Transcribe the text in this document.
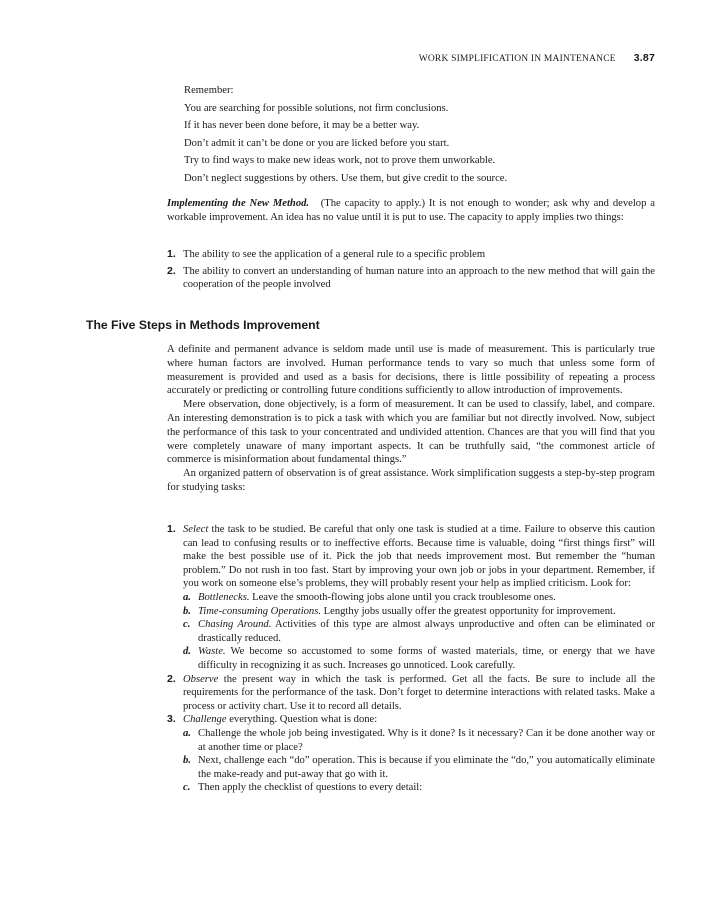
WORK SIMPLIFICATION IN MAINTENANCE 3.87
Remember:
You are searching for possible solutions, not firm conclusions.
If it has never been done before, it may be a better way.
Don’t admit it can’t be done or you are licked before you start.
Try to find ways to make new ideas work, not to prove them unworkable.
Don’t neglect suggestions by others. Use them, but give credit to the source.

Implementing the New Method.   (The capacity to apply.) It is not enough to wonder; ask why and develop a workable improvement. An idea has no value until it is put to use. The capacity to apply implies two things:

1. The ability to see the application of a general rule to a specific problem
2. The ability to convert an understanding of human nature into an approach to the new method that will gain the cooperation of the people involved
The Five Steps in Methods Improvement

A definite and permanent advance is seldom made until use is made of measurement. This is particularly true where human factors are involved. Human performance tends to vary so much that unless some form of measurement is provided and used as a basis for decisions, there is little possibility of repeating a process accurately or predicting or controlling future conditions sufficiently to allow introduction of improvements.

Mere observation, done objectively, is a form of measurement. It can be used to classify, label, and compare. An interesting demonstration is to pick a task with which you are familiar but not directly involved. Now, subject the performance of this task to your concentrated and undivided attention. Chances are that you will find that you were completely unaware of many important aspects. It can be truthfully said, “the commonest article of commerce is misinformation about fundamental things.”

An organized pattern of observation is of great assistance. Work simplification suggests a step-by-step program for studying tasks:

1. Select the task to be studied. Be careful that only one task is studied at a time. Failure to observe this caution can lead to confusing results or to ineffective efforts. Because time is valuable, doing “first things first” will make the best possible use of it. Pick the job that needs improvement most. But remember the “human problem.” Do not rush in too fast. Start by improving your own job or jobs in your department. Remember, if you work on someone else’s problems, they will probably resent your help as implied criticism. Look for:
a. Bottlenecks. Leave the smooth-flowing jobs alone until you crack troublesome ones.
b. Time-consuming Operations. Lengthy jobs usually offer the greatest opportunity for improvement.
c. Chasing Around. Activities of this type are almost always unproductive and often can be eliminated or drastically reduced.
d. Waste. We become so accustomed to some forms of wasted materials, time, or energy that we have difficulty in recognizing it as such. Increases go unnoticed. Look carefully.
2. Observe the present way in which the task is performed. Get all the facts. Be sure to include all the requirements for the performance of the task. Don’t forget to determine interactions with related tasks. Make a process or activity chart. Use it to record all details.
3. Challenge everything. Question what is done:
a. Challenge the whole job being investigated. Why is it done? Is it necessary? Can it be done another way or at another time or place?
b. Next, challenge each “do” operation. This is because if you eliminate the “do,” you automatically eliminate the make-ready and put-away that go with it.
c. Then apply the checklist of questions to every detail:
